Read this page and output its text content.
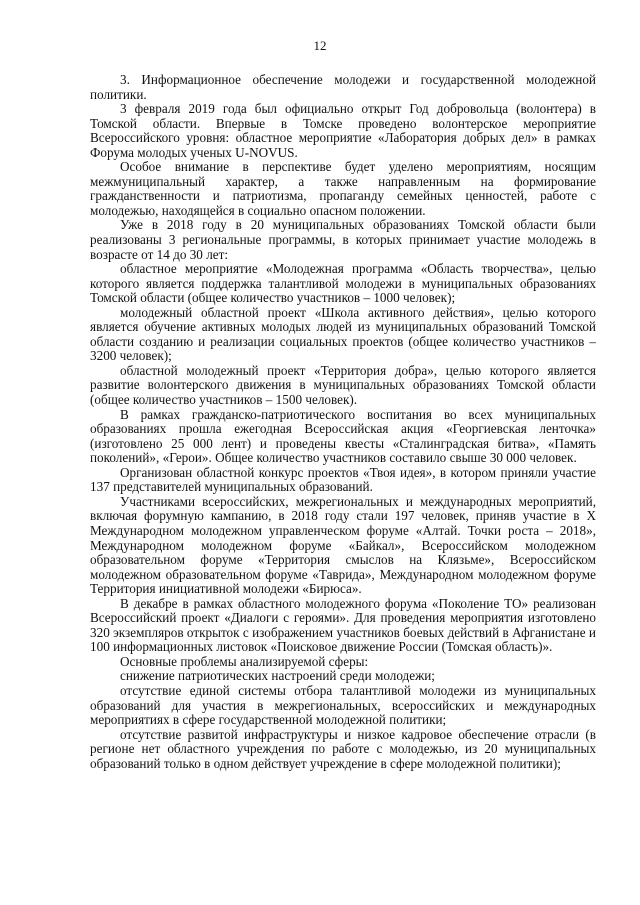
12

3. Информационное обеспечение молодежи и государственной молодежной политики.

3 февраля 2019 года был официально открыт Год добровольца (волонтера) в Томской области. Впервые в Томске проведено волонтерское мероприятие Всероссийского уровня: областное мероприятие «Лаборатория добрых дел» в рамках Форума молодых ученых U-NOVUS.

Особое внимание в перспективе будет уделено мероприятиям, носящим межмуниципальный характер, а также направленным на формирование гражданственности и патриотизма, пропаганду семейных ценностей, работе с молодежью, находящейся в социально опасном положении.

Уже в 2018 году в 20 муниципальных образованиях Томской области были реализованы 3 региональные программы, в которых принимает участие молодежь в возрасте от 14 до 30 лет:

областное мероприятие «Молодежная программа «Область творчества», целью которого является поддержка талантливой молодежи в муниципальных образованиях Томской области (общее количество участников – 1000 человек);

молодежный областной проект «Школа активного действия», целью которого является обучение активных молодых людей из муниципальных образований Томской области созданию и реализации социальных проектов (общее количество участников – 3200 человек);

областной молодежный проект «Территория добра», целью которого является развитие волонтерского движения в муниципальных образованиях Томской области (общее количество участников – 1500 человек).

В рамках гражданско-патриотического воспитания во всех муниципальных образованиях прошла ежегодная Всероссийская акция «Георгиевская ленточка» (изготовлено 25 000 лент) и проведены квесты «Сталинградская битва», «Память поколений», «Герои». Общее количество участников составило свыше 30 000 человек.

Организован областной конкурс проектов «Твоя идея», в котором приняли участие 137 представителей муниципальных образований.

Участниками всероссийских, межрегиональных и международных мероприятий, включая форумную кампанию, в 2018 году стали 197 человек, приняв участие в X Международном молодежном управленческом форуме «Алтай. Точки роста – 2018», Международном молодежном форуме «Байкал», Всероссийском молодежном образовательном форуме «Территория смыслов на Клязьме», Всероссийском молодежном образовательном форуме «Таврида», Международном молодежном форуме Территория инициативной молодежи «Бирюса».

В декабре в рамках областного молодежного форума «Поколение ТО» реализован Всероссийский проект «Диалоги с героями». Для проведения мероприятия изготовлено 320 экземпляров открыток с изображением участников боевых действий в Афганистане и 100 информационных листовок «Поисковое движение России (Томская область)».

Основные проблемы анализируемой сферы:

снижение патриотических настроений среди молодежи;

отсутствие единой системы отбора талантливой молодежи из муниципальных образований для участия в межрегиональных, всероссийских и международных мероприятиях в сфере государственной молодежной политики;

отсутствие развитой инфраструктуры и низкое кадровое обеспечение отрасли (в регионе нет областного учреждения по работе с молодежью, из 20 муниципальных образований только в одном действует учреждение в сфере молодежной политики);
